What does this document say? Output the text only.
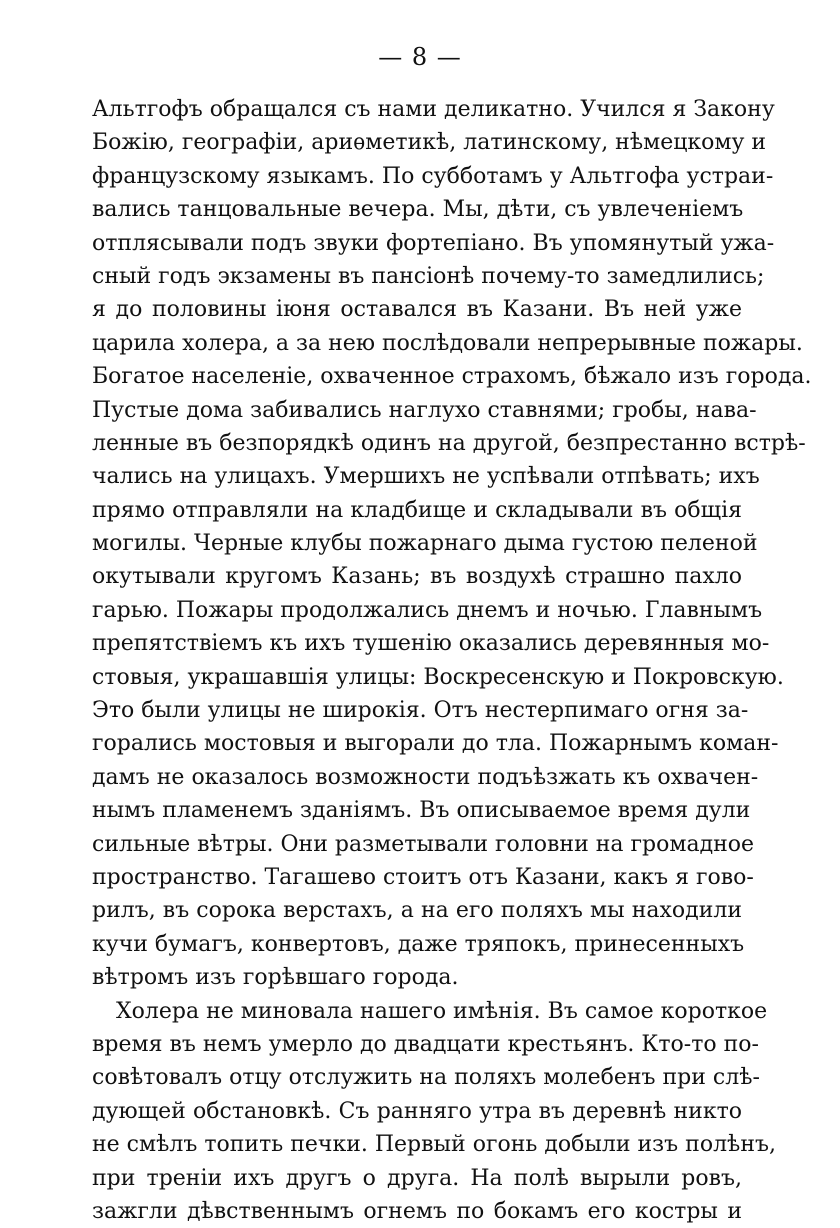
— 8 —
Альтгофъ обращался съ нами деликатно. Учился я Закону
Божiю, географiи, ариѳметикѣ, латинскому, нѣмецкому и
французскому языкамъ. По субботамъ у Альтгофа устраи-
вались танцовальные вечера. Мы, дѣти, съ увлеченiемъ
отплясывали подъ звуки фортепiано. Въ упомянутый ужа-
сный годъ экзамены въ пансiонѣ почему-то замедлились;
я до половины iюня оставался въ Казани. Въ ней уже
царила холера, а за нею послѣдовали непрерывные пожары.
Богатое населенiе, охваченное страхомъ, бѣжало изъ города.
Пустые дома забивались наглухо ставнями; гробы, нава-
ленные въ безпорядкѣ одинъ на другой, безпрестанно встрѣ-
чались на улицахъ. Умершихъ не успѣвали отпѣвать; ихъ
прямо отправляли на кладбище и складывали въ общiя
могилы. Черные клубы пожарнаго дыма густою пеленой
окутывали кругомъ Казань; въ воздухѣ страшно пахло
гарью. Пожары продолжались днемъ и ночью. Главнымъ
препятствiемъ къ ихъ тушенiю оказались деревянныя мо-
стовыя, украшавшiя улицы: Воскресенскую и Покровскую.
Это были улицы не широкiя. Отъ нестерпимаго огня за-
горались мостовыя и выгорали до тла. Пожарнымъ коман-
дамъ не оказалось возможности подъѣзжать къ охвачен-
нымъ пламенемъ зданiямъ. Въ описываемое время дули
сильные вѣтры. Они разметывали головни на громадное
пространство. Тагашево стоитъ отъ Казани, какъ я гово-
рилъ, въ сорока верстахъ, а на его поляхъ мы находили
кучи бумагъ, конвертовъ, даже тряпокъ, принесенныхъ
вѣтромъ изъ горѣвшаго города.
Холера не миновала нашего имѣнiя. Въ самое короткое
время въ немъ умерло до двадцати крестьянъ. Кто-то по-
совѣтовалъ отцу отслужить на поляхъ молебенъ при слѣ-
дующей обстановкѣ. Съ ранняго утра въ деревнѣ никто
не смѣлъ топить печки. Первый огонь добыли изъ полѣнъ,
при тренiи ихъ другъ о друга. На полѣ вырыли ровъ,
зажгли дѣвственнымъ огнемъ по бокамъ его костры и
